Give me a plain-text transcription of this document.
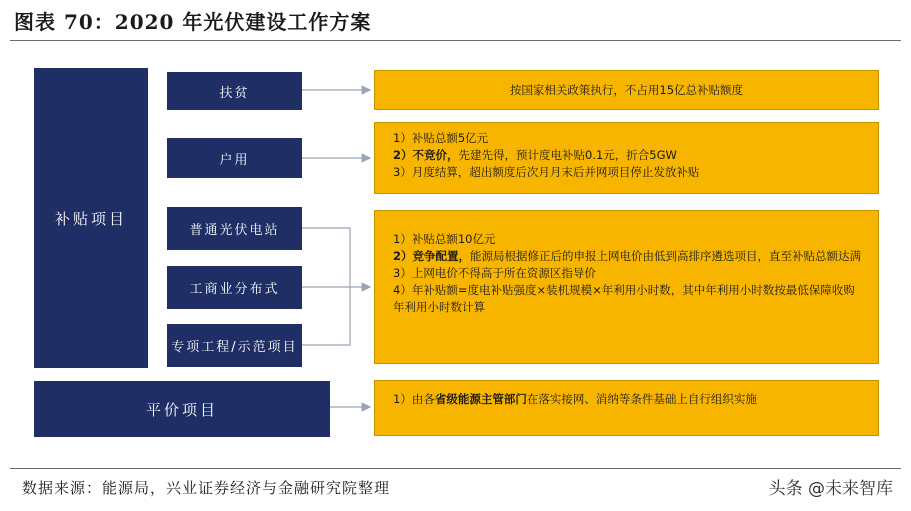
图表 70：2020 年光伏建设工作方案
补贴项目
扶贫
户用
普通光伏电站
工商业分布式
专项工程/示范项目
平价项目
按国家相关政策执行，不占用15亿总补贴额度
1）补贴总额5亿元
2）不竞价，先建先得，预计度电补贴0.1元，折合5GW
3）月度结算，超出额度后次月月末后并网项目停止发放补贴
1）补贴总额10亿元
2）竞争配置，能源局根据修正后的申报上网电价由低到高排序遴选项目，直至补贴总额达满
3）上网电价不得高于所在资源区指导价
4）年补贴额=度电补贴强度×装机规模×年利用小时数，其中年利用小时数按最低保障收购年利用小时数计算
1）由各省级能源主管部门在落实接网、消纳等条件基础上自行组织实施
数据来源：能源局，兴业证券经济与金融研究院整理	头条 @未来智库
